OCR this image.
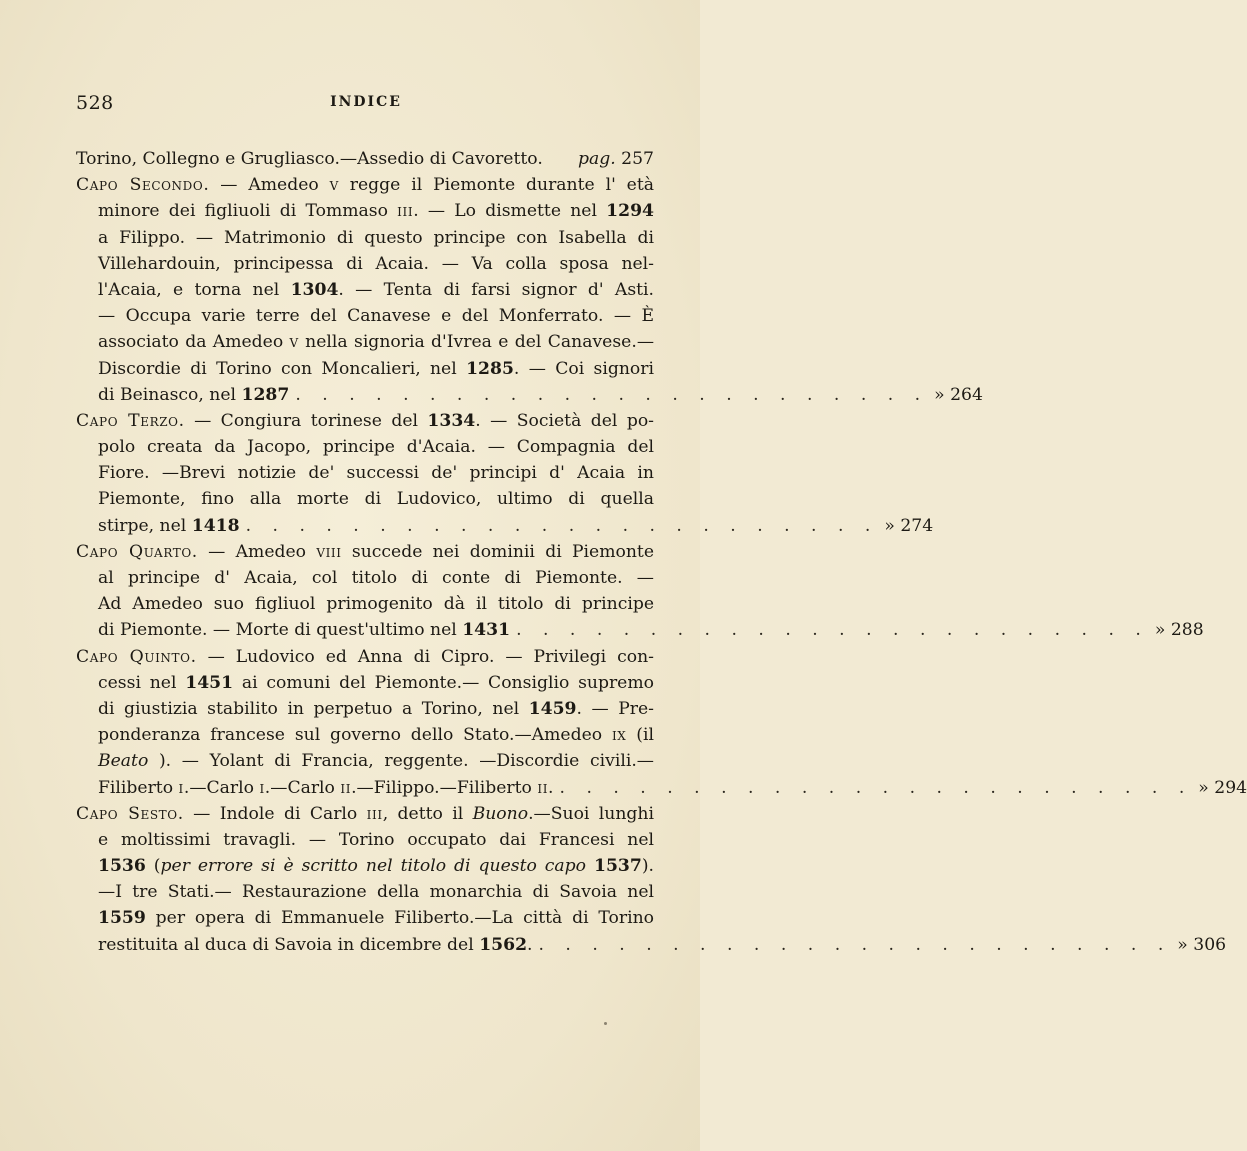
528	INDICE
Torino, Collegno e Grugliasco.—Assedio di Cavoretto. pag. 257
Capo Secondo. — Amedeo v regge il Piemonte durante l' età
minore dei figliuoli di Tommaso iii. — Lo dismette nel 1294
a Filippo. — Matrimonio di questo principe con Isabella di
Villehardouin, principessa di Acaia. — Va colla sposa nel-
l'Acaia, e torna nel 1304. — Tenta di farsi signor d' Asti.
— Occupa varie terre del Canavese e del Monferrato. — È
associato da Amedeo v nella signoria d'Ivrea e del Canavese.—
Discordie di Torino con Moncalieri, nel 1285. — Coi signori
di Beinasco, nel 1287 . . . . . . . . . . . . . . . . . . . . . . . . » 264
Capo Terzo. — Congiura torinese del 1334. — Società del po-
polo creata da Jacopo, principe d'Acaia. — Compagnia del
Fiore. —Brevi notizie de' successi de' principi d' Acaia in
Piemonte, fino alla morte di Ludovico, ultimo di quella
stirpe, nel 1418 . . . . . . . . . . . . . . . . . . . . . . . . » 274
Capo Quarto. — Amedeo viii succede nei dominii di Piemonte
al principe d' Acaia, col titolo di conte di Piemonte. —
Ad Amedeo suo figliuol primogenito dà il titolo di principe
di Piemonte. — Morte di quest'ultimo nel 1431 . . . . . . . . . . . . . . . . . . . . . . . . » 288
Capo Quinto. — Ludovico ed Anna di Cipro. — Privilegi con-
cessi nel 1451 ai comuni del Piemonte.— Consiglio supremo
di giustizia stabilito in perpetuo a Torino, nel 1459. — Pre-
ponderanza francese sul governo dello Stato.—Amedeo ix (il
Beato ). — Yolant di Francia, reggente. —Discordie civili.—
Filiberto i.—Carlo i.—Carlo ii.—Filippo.—Filiberto ii. . . . . . . . . . . . . . . . . . . . . . . . . » 294
Capo Sesto. — Indole di Carlo iii, detto il Buono.—Suoi lunghi
e moltissimi travagli. — Torino occupato dai Francesi nel
1536 (per errore si è scritto nel titolo di questo capo 1537).
—I tre Stati.— Restaurazione della monarchia di Savoia nel
1559 per opera di Emmanuele Filiberto.—La città di Torino
restituita al duca di Savoia in dicembre del 1562. . . . . . . . . . . . . . . . . . . . . . . . . » 306
